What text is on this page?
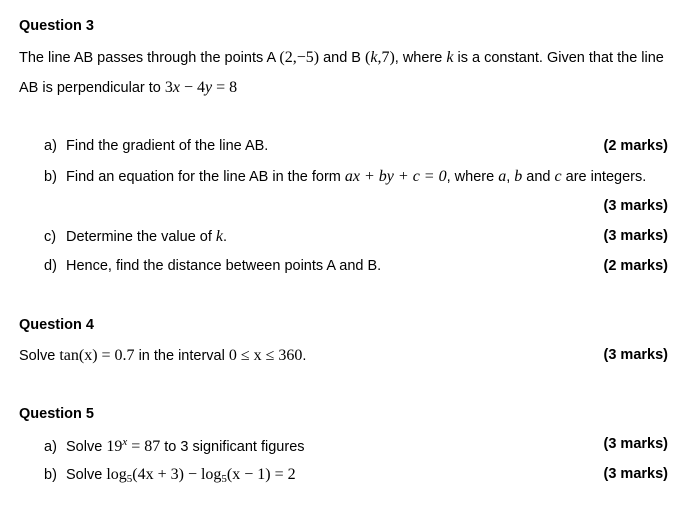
Question 3
The line AB passes through the points A (2,−5) and B (k,7), where k is a constant. Given that the line
AB is perpendicular to 3x − 4y = 8
a) Find the gradient of the line AB.	(2 marks)
b) Find an equation for the line AB in the form ax + by + c = 0, where a, b and c are integers.
(3 marks)
c) Determine the value of k.	(3 marks)
d) Hence, find the distance between points A and B.	(2 marks)
Question 4
Solve tan(x) = 0.7 in the interval 0 ≤ x ≤ 360.	(3 marks)
Question 5
a) Solve $19^x = 87$ to 3 significant figures	(3 marks)
b) Solve $\log_5(4x + 3) - \log_5(x - 1) = 2$	(3 marks)
